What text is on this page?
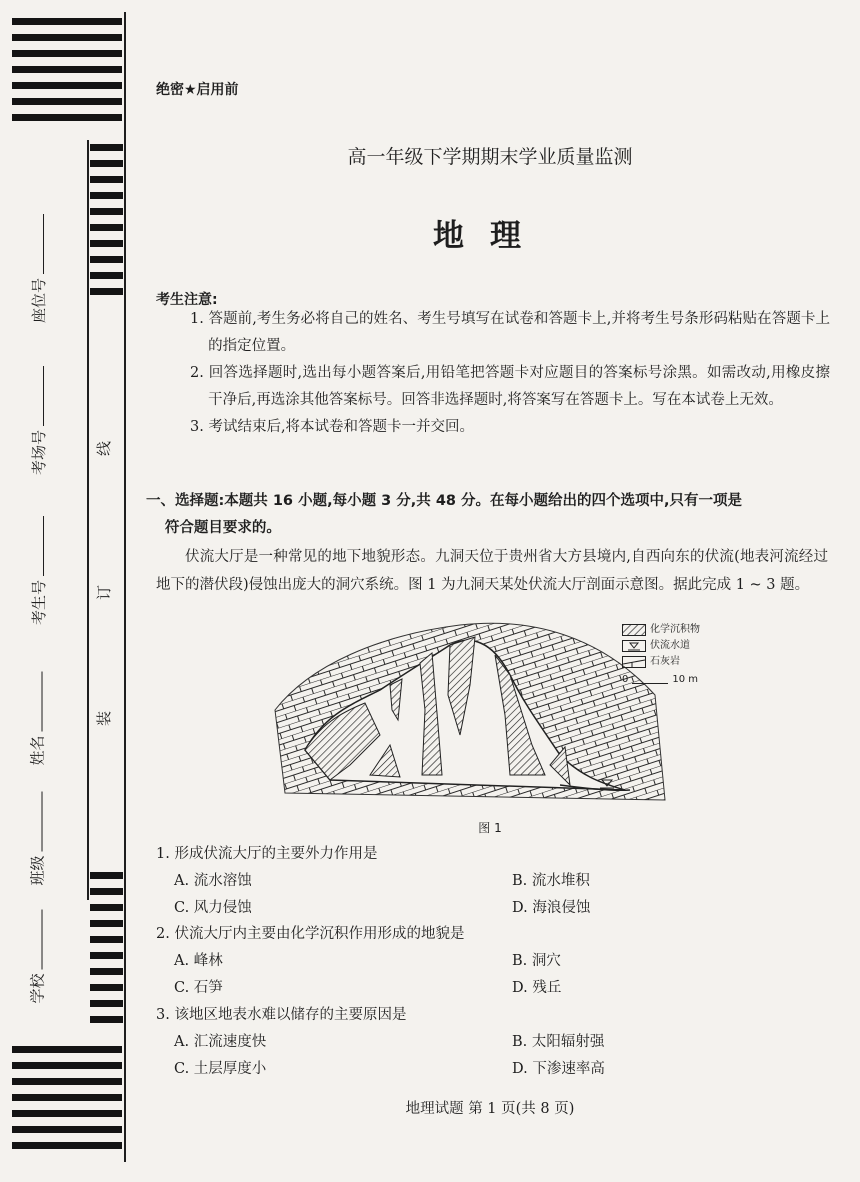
座位号
考场号
考生号
姓名
班级
学校
线
订
装
绝密★启用前
高一年级下学期期末学业质量监测
地理
考生注意:

1. 答题前,考生务必将自己的姓名、考生号填写在试卷和答题卡上,并将考生号条形码粘贴在答题卡上的指定位置。

2. 回答选择题时,选出每小题答案后,用铅笔把答题卡对应题目的答案标号涂黑。如需改动,用橡皮擦干净后,再选涂其他答案标号。回答非选择题时,将答案写在答题卡上。写在本试卷上无效。

3. 考试结束后,将本试卷和答题卡一并交回。

一、选择题:本题共 16 小题,每小题 3 分,共 48 分。在每小题给出的四个选项中,只有一项是
符合题目要求的。
伏流大厅是一种常见的地下地貌形态。九洞天位于贵州省大方县境内,自西向东的伏流(地表河流经过地下的潜伏段)侵蚀出庞大的洞穴系统。图 1 为九洞天某处伏流大厅剖面示意图。据此完成 1 ~ 3 题。
化学沉积物
伏流水道
石灰岩
0	10 m
图 1
1. 形成伏流大厅的主要外力作用是
A. 流水溶蚀	B. 流水堆积
C. 风力侵蚀	D. 海浪侵蚀
2. 伏流大厅内主要由化学沉积作用形成的地貌是
A. 峰林	B. 洞穴
C. 石笋	D. 残丘
3. 该地区地表水难以储存的主要原因是
A. 汇流速度快	B. 太阳辐射强
C. 土层厚度小	D. 下渗速率高
地理试题 第 1 页(共 8 页)
